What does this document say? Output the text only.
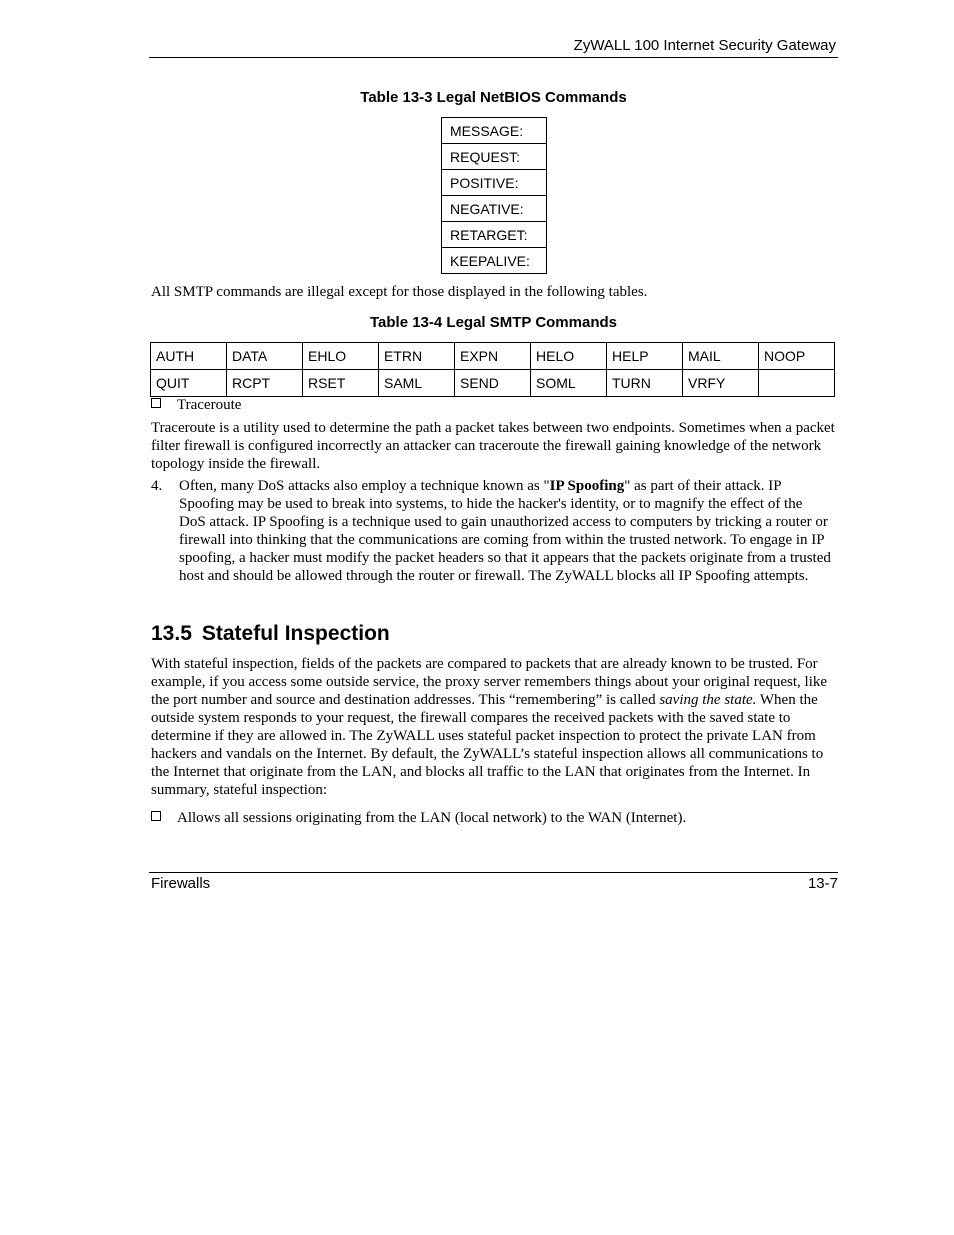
ZyWALL 100 Internet Security Gateway
Table 13-3 Legal NetBIOS Commands
MESSAGE:
REQUEST:
POSITIVE:
NEGATIVE:
RETARGET:
KEEPALIVE:
All SMTP commands are illegal except for those displayed in the following tables.
Table 13-4 Legal SMTP Commands
AUTH	DATA	EHLO	ETRN	EXPN	HELO	HELP	MAIL	NOOP
QUIT	RCPT	RSET	SAML	SEND	SOML	TURN	VRFY	
Traceroute
Traceroute is a utility used to determine the path a packet takes between two endpoints. Sometimes when a packet filter firewall is configured incorrectly an attacker can traceroute the firewall gaining knowledge of the network topology inside the firewall.
4. Often, many DoS attacks also employ a technique known as "IP Spoofing" as part of their attack. IP Spoofing may be used to break into systems, to hide the hacker's identity, or to magnify the effect of the DoS attack. IP Spoofing is a technique used to gain unauthorized access to computers by tricking a router or firewall into thinking that the communications are coming from within the trusted network. To engage in IP spoofing, a hacker must modify the packet headers so that it appears that the packets originate from a trusted host and should be allowed through the router or firewall. The ZyWALL blocks all IP Spoofing attempts.
13.5 Stateful Inspection
With stateful inspection, fields of the packets are compared to packets that are already known to be trusted. For example, if you access some outside service, the proxy server remembers things about your original request, like the port number and source and destination addresses. This “remembering” is called saving the state. When the outside system responds to your request, the firewall compares the received packets with the saved state to determine if they are allowed in. The ZyWALL uses stateful packet inspection to protect the private LAN from hackers and vandals on the Internet. By default, the ZyWALL’s stateful inspection allows all communications to the Internet that originate from the LAN, and blocks all traffic to the LAN that originates from the Internet. In summary, stateful inspection:
Allows all sessions originating from the LAN (local network) to the WAN (Internet).
Firewalls	13-7
